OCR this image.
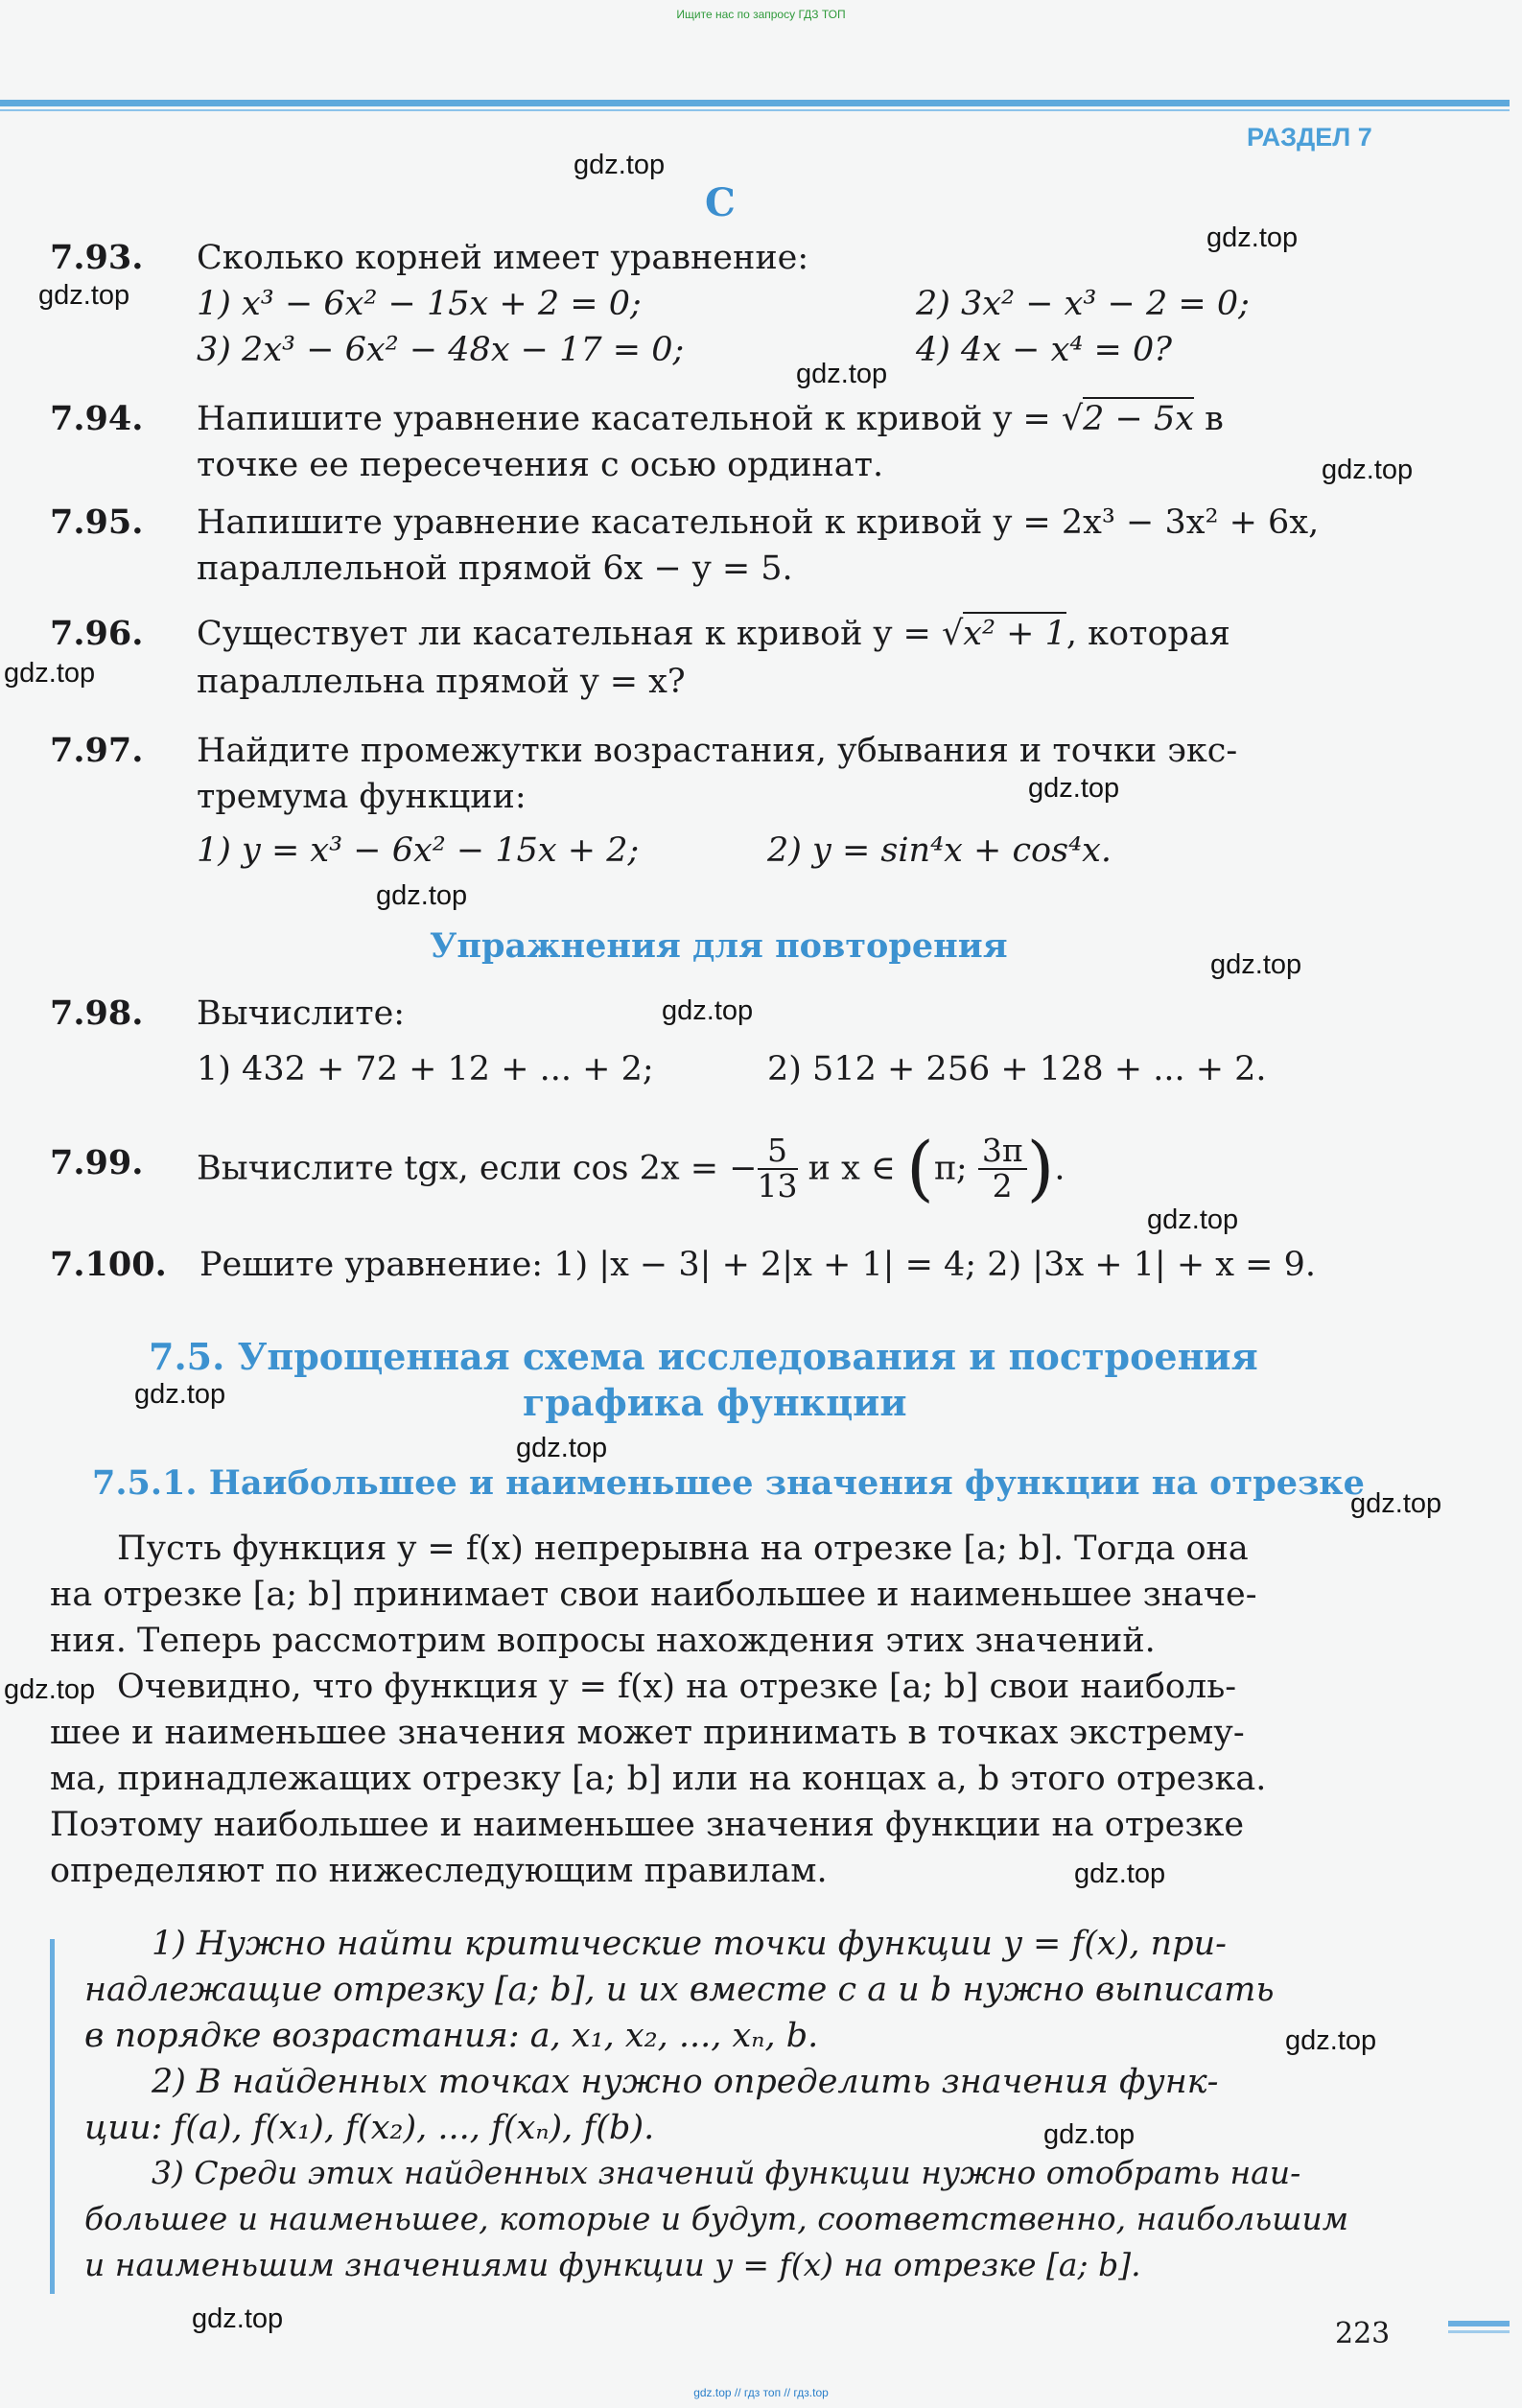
Ищите нас по запросу ГДЗ ТОП
РАЗДЕЛ 7
С
7.93. Сколько корней имеет уравнение:
1) x³ − 6x² − 15x + 2 = 0;	2) 3x² − x³ − 2 = 0;
3) 2x³ − 6x² − 48x − 17 = 0;	4) 4x − x⁴ = 0?
7.94. Напишите уравнение касательной к кривой y = √2 − 5x в
точке ее пересечения с осью ординат.
7.95. Напишите уравнение касательной к кривой y = 2x³ − 3x² + 6x,
параллельной прямой 6x − y = 5.
7.96. Существует ли касательная к кривой y = √x² + 1, которая
параллельна прямой y = x?
7.97. Найдите промежутки возрастания, убывания и точки экс-
тремума функции:
1) y = x³ − 6x² − 15x + 2;	2) y = sin⁴x + cos⁴x.
Упражнения для повторения
7.98. Вычислите:
1) 432 + 72 + 12 + ... + 2;	2) 512 + 256 + 128 + ... + 2.
7.99. Вычислите tgx, если cos 2x = − $\frac{5}{13}$ и x ∈ (π; $\frac{3\pi}{2}$ ).
7.100. Решите уравнение: 1) |x − 3| + 2|x + 1| = 4; 2) |3x + 1| + x = 9.
7.5. Упрощенная схема исследования и построения
графика функции
7.5.1. Наибольшее и наименьшее значения функции на отрезке
Пусть функция y = f(x) непрерывна на отрезке [a; b]. Тогда она
на отрезке [a; b] принимает свои наибольшее и наименьшее значе-
ния. Теперь рассмотрим вопросы нахождения этих значений.
Очевидно, что функция y = f(x) на отрезке [a; b] свои наиболь-
шее и наименьшее значения может принимать в точках экстрему-
ма, принадлежащих отрезку [a; b] или на концах a, b этого отрезка.
Поэтому наибольшее и наименьшее значения функции на отрезке
определяют по нижеследующим правилам.
1) Нужно найти критические точки функции y = f(x), при-
надлежащие отрезку [a; b], и их вместе с a и b нужно выписать
в порядке возрастания: a, x₁, x₂, ..., xₙ, b.
2) В найденных точках нужно определить значения функ-
ции: f(a), f(x₁), f(x₂), ..., f(xₙ), f(b).
3) Среди этих найденных значений функции нужно отобрать наи-
большее и наименьшее, которые и будут, соответственно, наибольшим
и наименьшим значениями функции y = f(x) на отрезке [a; b].
223
gdz.top // гдз топ // гдз.top
gdz.top
gdz.top
gdz.top
gdz.top
gdz.top
gdz.top
gdz.top
gdz.top
gdz.top
gdz.top
gdz.top
gdz.top
gdz.top
gdz.top
gdz.top
gdz.top
gdz.top
gdz.top
gdz.top
